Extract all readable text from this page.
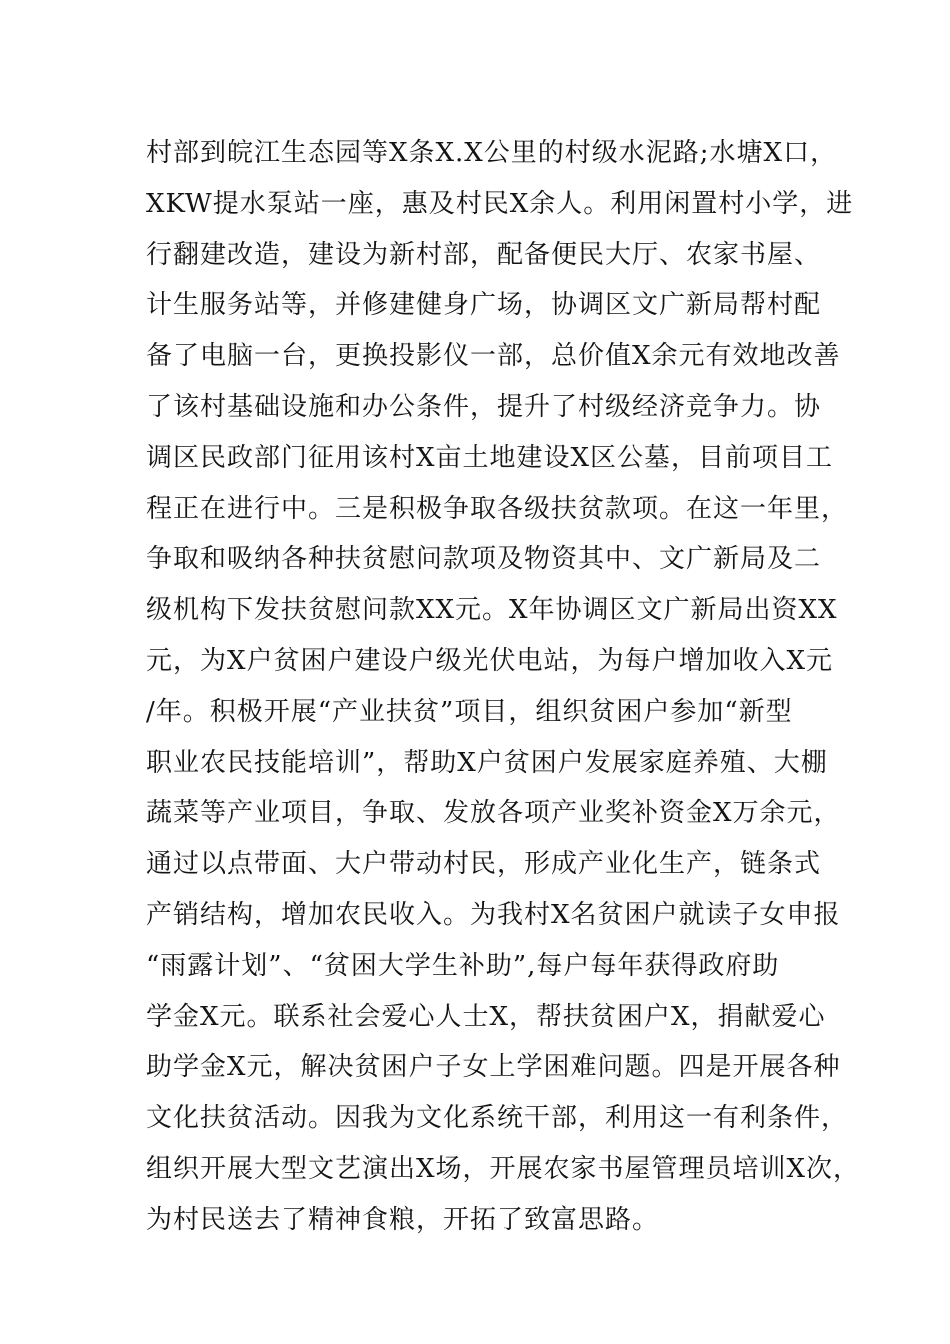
村部到皖江生态园等X条X.X公里的村级水泥路;水塘X口，
XKW提水泵站一座，惠及村民X余人。利用闲置村小学，进
行翻建改造，建设为新村部，配备便民大厅、农家书屋、
计生服务站等，并修建健身广场，协调区文广新局帮村配
备了电脑一台，更换投影仪一部，总价值X余元有效地改善
了该村基础设施和办公条件，提升了村级经济竞争力。协
调区民政部门征用该村X亩土地建设X区公墓，目前项目工
程正在进行中。三是积极争取各级扶贫款项。在这一年里，
争取和吸纳各种扶贫慰问款项及物资其中、文广新局及二
级机构下发扶贫慰问款XX元。X年协调区文广新局出资XX
元，为X户贫困户建设户级光伏电站，为每户增加收入X元
/年。积极开展“产业扶贫”项目，组织贫困户参加“新型
职业农民技能培训”，帮助X户贫困户发展家庭养殖、大棚
蔬菜等产业项目，争取、发放各项产业奖补资金X万余元，
通过以点带面、大户带动村民，形成产业化生产，链条式
产销结构，增加农民收入。为我村X名贫困户就读子女申报
“雨露计划”、“贫困大学生补助”,每户每年获得政府助
学金X元。联系社会爱心人士X，帮扶贫困户X，捐献爱心
助学金X元，解决贫困户子女上学困难问题。四是开展各种
文化扶贫活动。因我为文化系统干部，利用这一有利条件，
组织开展大型文艺演出X场，开展农家书屋管理员培训X次，
为村民送去了精神食粮，开拓了致富思路。
